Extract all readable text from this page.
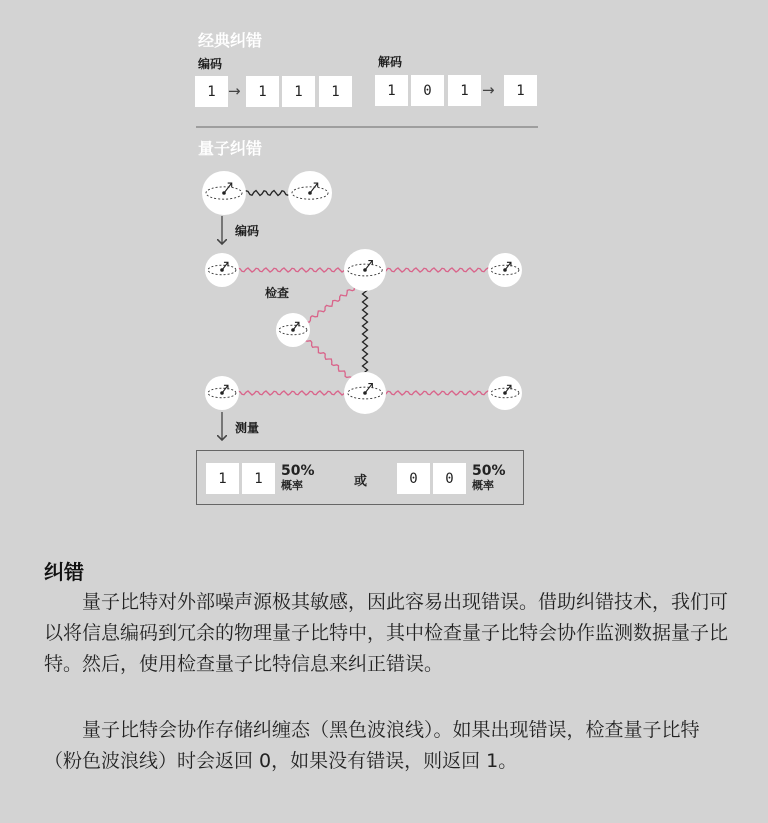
经典纠错
编码	解码
1 →	1	1	1	1	0	1 →	1
量子纠错
编码
检查
测量
1	1	50%
概率	或	0	0	50%
概率
纠错
量子比特对外部噪声源极其敏感，因此容易出现错误。借助纠错技术，我们可以将信息编码到冗余的物理量子比特中，其中检查量子比特会协作监测数据量子比特。然后，使用检查量子比特信息来纠正错误。
量子比特会协作存储纠缠态（黑色波浪线）。如果出现错误，检查量子比特（粉色波浪线）时会返回 0，如果没有错误，则返回 1。
